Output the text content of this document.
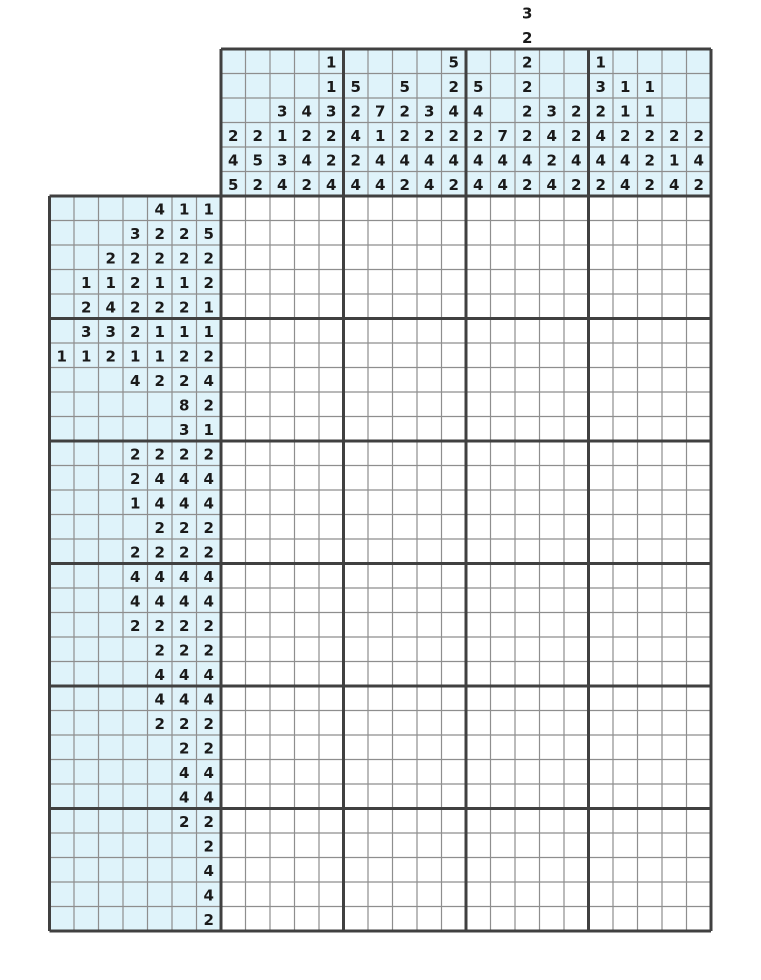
2
4
5
2
5
2
3
1
3
4
4
2
4
2
1
1
3
2
2
4
5
2
4
2
4
7
1
4
4
5
2
2
4
2
3
2
4
4
5
2
4
2
4
2
5
4
2
4
4
7
4
4
3
2
2
2
2
2
4
2
3
4
2
4
2
2
4
2
1
3
2
4
4
2
1
1
2
4
4
1
1
2
2
2
2
1
4
2
4
2
4 1 1
3 2 2 5
2 2 2 2 2
1 1 2 1 1 2
2 4 2 2 2 1
3 3 2 1 1 1
1 1 2 1 1 2 2
4 2 2 4
8 2
3 1
2 2 2 2
2 4 4 4
1 4 4 4
2 2 2
2 2 2 2
4 4 4 4
4 4 4 4
2 2 2 2
2 2 2
4 4 4
4 4 4
2 2 2
2 2
4 4
4 4
2 2
2
4
4
2
